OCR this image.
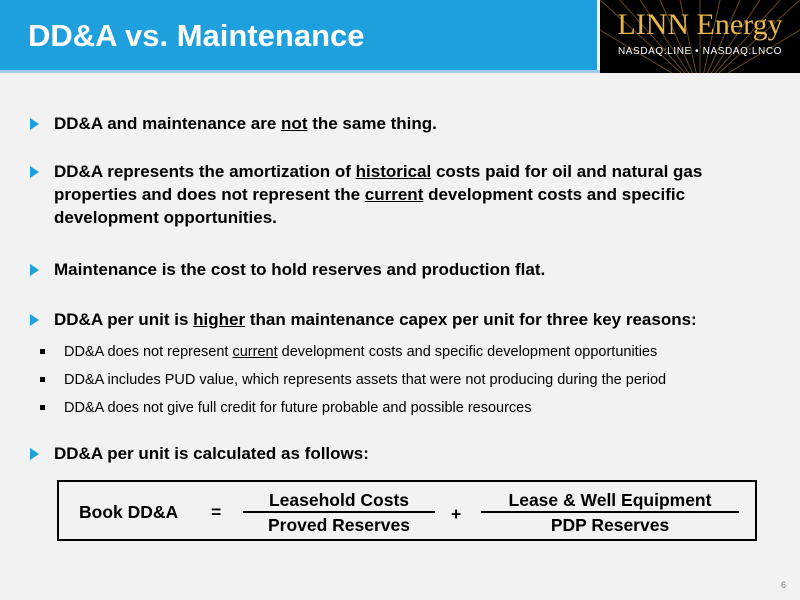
DD&A vs. Maintenance	LINN Energy
NASDAQ:LINE • NASDAQ:LNCO
DD&A and maintenance are not the same thing.
DD&A represents the amortization of historical costs paid for oil and natural gas properties and does not represent the current development costs and specific development opportunities.
Maintenance is the cost to hold reserves and production flat.
DD&A per unit is higher than maintenance capex per unit for three key reasons:
DD&A does not represent current development costs and specific development opportunities
DD&A includes PUD value, which represents assets that were not producing during the period
DD&A does not give full credit for future probable and possible resources
DD&A per unit is calculated as follows:
Book DD&A =
Leasehold Costs
Proved Reserves
+
Lease & Well Equipment
PDP Reserves
6
